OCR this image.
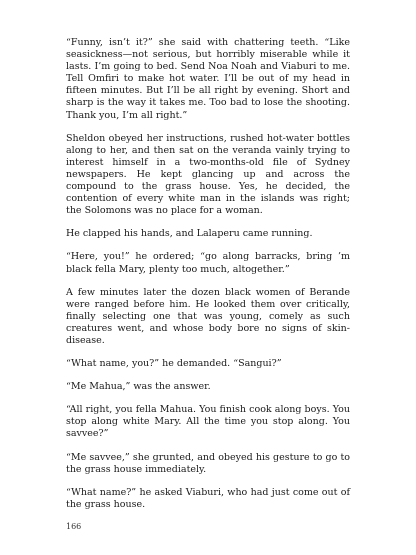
“Funny, isn’t it?” she said with chattering teeth. “Like seasickness—not serious, but horribly miserable while it lasts. I’m going to bed. Send Noa Noah and Viaburi to me. Tell Omfiri to make hot water. I’ll be out of my head in fifteen minutes. But I’ll be all right by evening. Short and sharp is the way it takes me. Too bad to lose the shooting. Thank you, I’m all right.”

Sheldon obeyed her instructions, rushed hot-water bottles along to her, and then sat on the veranda vainly trying to interest himself in a two-months-old file of Sydney newspapers. He kept glancing up and across the compound to the grass house. Yes, he decided, the contention of every white man in the islands was right; the Solomons was no place for a woman.

He clapped his hands, and Lalaperu came running.

“Here, you!” he ordered; “go along barracks, bring ’m black fella Mary, plenty too much, altogether.”

A few minutes later the dozen black women of Berande were ranged before him. He looked them over critically, finally selecting one that was young, comely as such creatures went, and whose body bore no signs of skin-disease.

“What name, you?” he demanded. “Sangui?”

“Me Mahua,” was the answer.

“All right, you fella Mahua. You finish cook along boys. You stop along white Mary. All the time you stop along. You savvee?”

“Me savvee,” she grunted, and obeyed his gesture to go to the grass house immediately.

“What name?” he asked Viaburi, who had just come out of the grass house.

166
